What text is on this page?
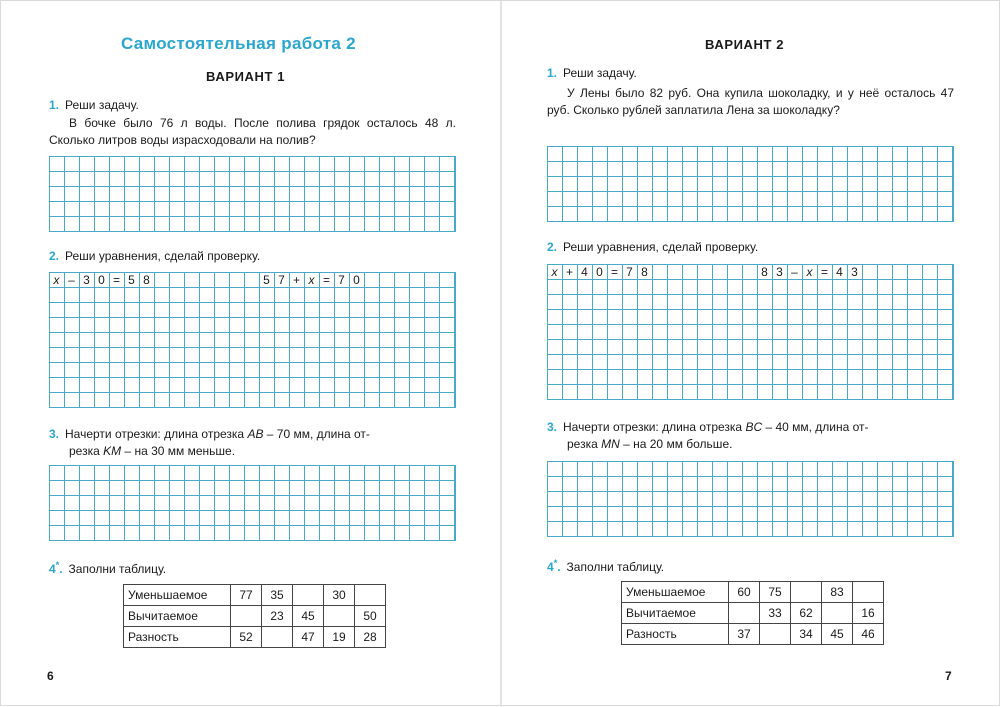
Самостоятельная работа 2
ВАРИАНТ 1
1. Реши задачу.
В бочке было 76 л воды. После полива грядок осталось 48 л. Сколько литров воды израсходовали на полив?
2. Реши уравнения, сделай проверку.
x – 3 0 = 5 8	5 7 + x = 7 0
3. Начерти отрезки: длина отрезка AB – 70 мм, длина от-
резка KM – на 30 мм меньше.
4*. Заполни таблицу.
Уменьшаемое	77	35		30	
Вычитаемое		23	45		50
Разность	52		47	19	28
6
ВАРИАНТ 2
1. Реши задачу.
У Лены было 82 руб. Она купила шоколадку, и у неё осталось 47 руб. Сколько рублей заплатила Лена за шоколадку?
2. Реши уравнения, сделай проверку.
x + 4 0 = 7 8	8 3 – x = 4 3
3. Начерти отрезки: длина отрезка BC – 40 мм, длина от-
резка MN – на 20 мм больше.
4*. Заполни таблицу.
Уменьшаемое	60	75		83	
Вычитаемое		33	62		16
Разность	37		34	45	46
7
